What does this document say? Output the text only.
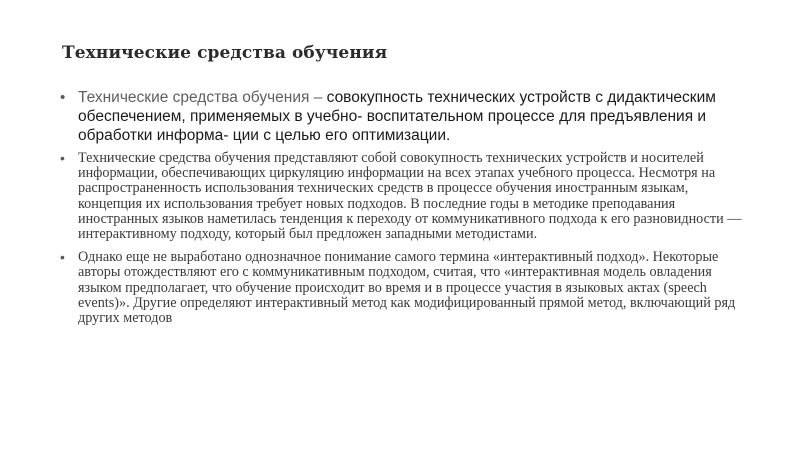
Технические средства обучения
• Технические средства обучения – совокупность технических устройств с дидактическим обеспечением, применяемых в учебно- воспитательном процессе для предъявления и обработки информа- ции с целью его оптимизации.
• Технические средства обучения представляют собой совокупность технических устройств и носителей информации, обеспечивающих циркуляцию информации на всех этапах учебного процесса. Несмотря на распространенность использования технических средств в процессе обучения иностранным языкам, концепция их использования требует новых подходов. В последние годы в методике преподавания иностранных языков наметилась тенденция к переходу от коммуникативного подхода к его разновидности — интерактивному подходу, который был предложен западными методистами.
• Однако еще не выработано однозначное понимание самого термина «интерактивный подход». Некоторые авторы отождествляют его с коммуникативным подходом, считая, что «интерактивная модель овладения языком предполагает, что обучение происходит во время и в процессе участия в языковых актах (speech events)». Другие определяют интерактивный метод как модифицированный прямой метод, включающий ряд других методов
